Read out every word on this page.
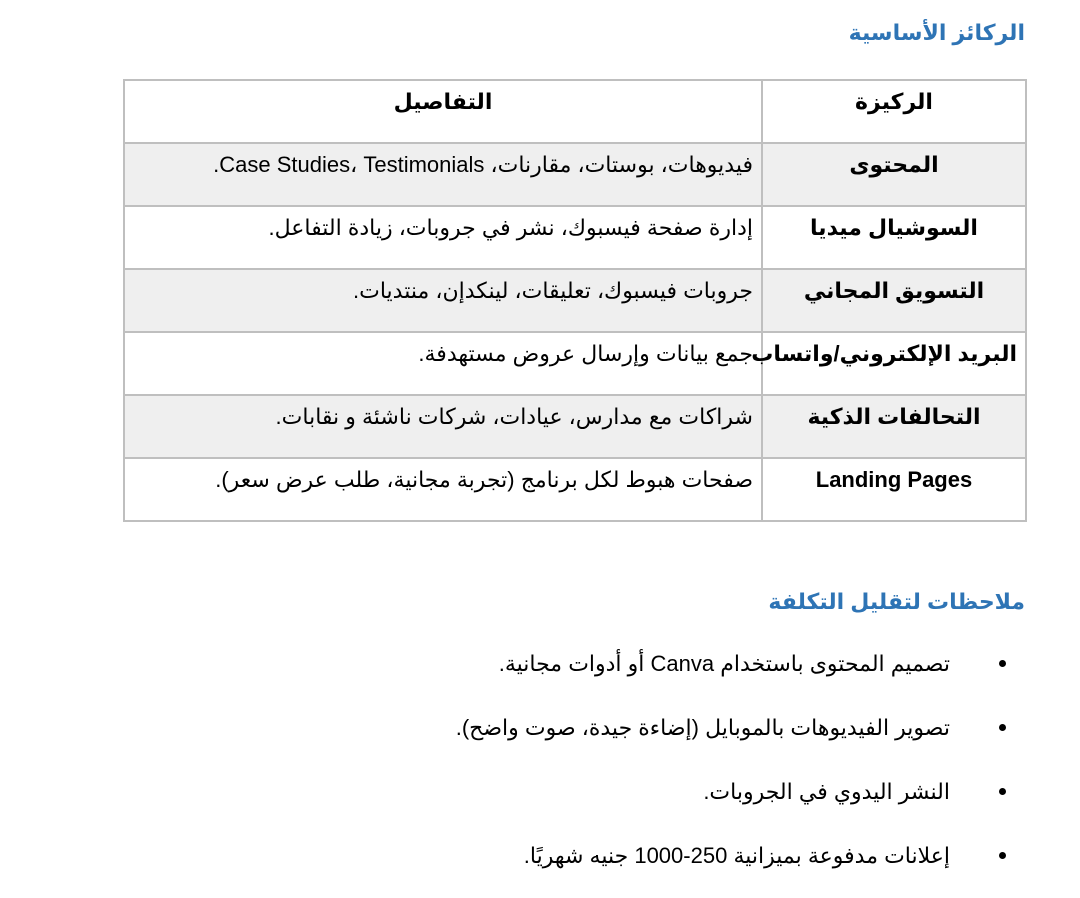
الركائز الأساسية
الركيزة	التفاصيل
المحتوى	فيديوهات، بوستات، مقارنات، Case Studies، Testimonials.
السوشيال ميديا	إدارة صفحة فيسبوك، نشر في جروبات، زيادة التفاعل.
التسويق المجاني	جروبات فيسبوك، تعليقات، لينكدإن، منتديات.
البريد الإلكتروني/واتساب	جمع بيانات وإرسال عروض مستهدفة.
التحالفات الذكية	شراكات مع مدارس، عيادات، شركات ناشئة و نقابات.
Landing Pages	صفحات هبوط لكل برنامج (تجربة مجانية، طلب عرض سعر).
ملاحظات لتقليل التكلفة
تصميم المحتوى باستخدام Canva أو أدوات مجانية.
تصوير الفيديوهات بالموبايل (إضاءة جيدة، صوت واضح).
النشر اليدوي في الجروبات.
إعلانات مدفوعة بميزانية 250-1000 جنيه شهريًا.
